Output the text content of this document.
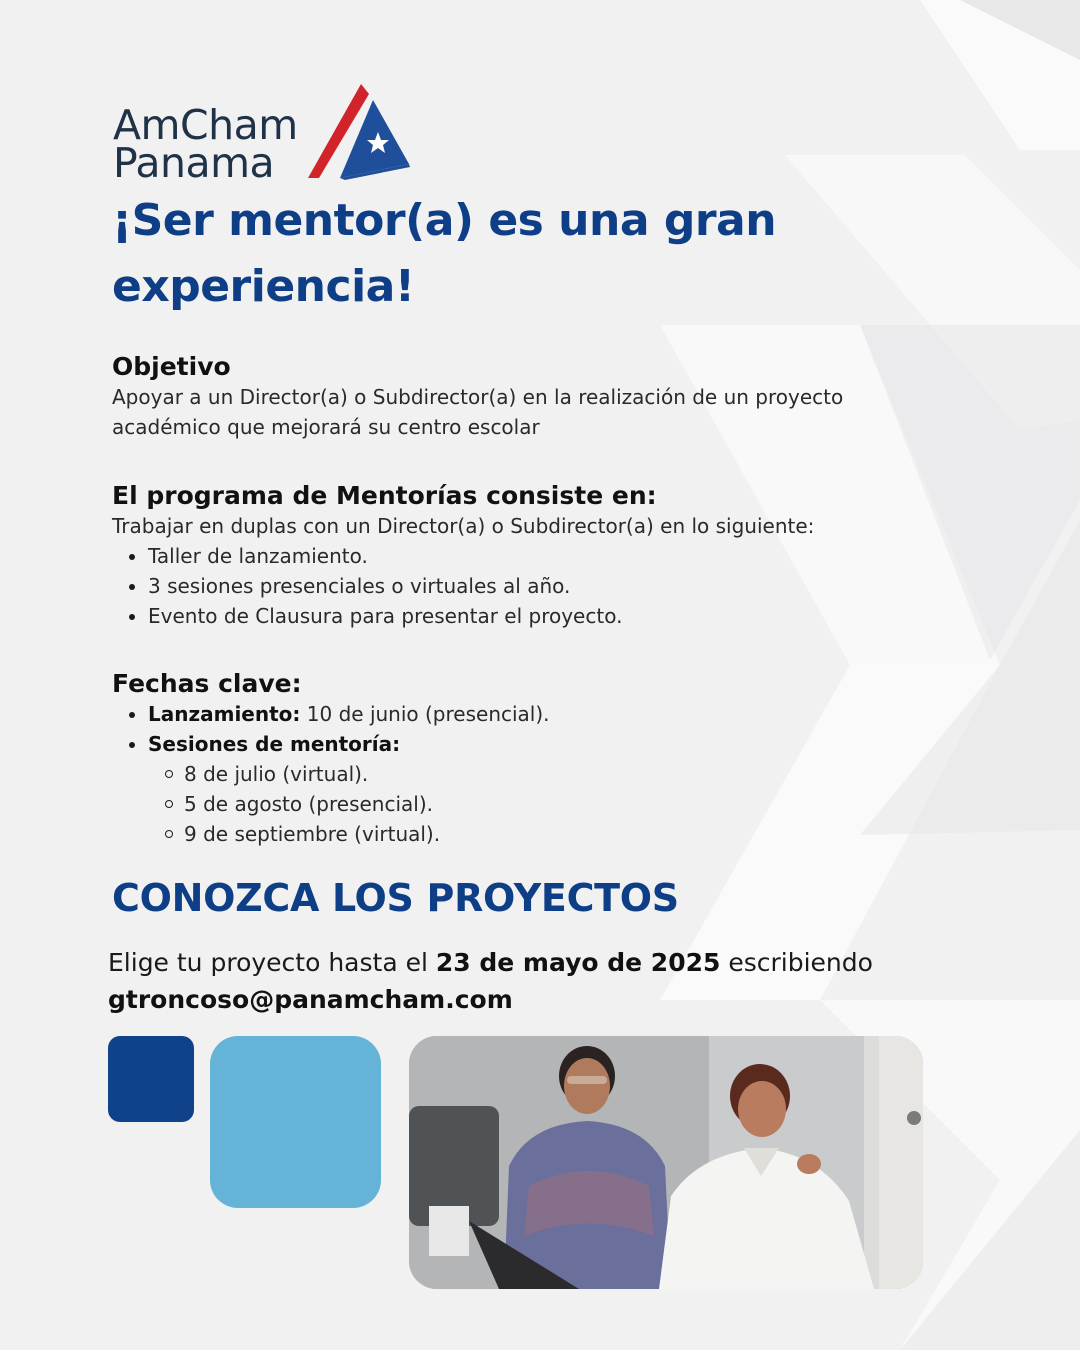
AmCham
Panama
¡Ser mentor(a) es una gran
experiencia!
Objetivo
Apoyar a un Director(a) o Subdirector(a) en la realización de un proyecto
académico que mejorará su centro escolar
El programa de Mentorías consiste en:
Trabajar en duplas con un Director(a) o Subdirector(a) en lo siguiente:
Taller de lanzamiento.
3 sesiones presenciales o virtuales al año.
Evento de Clausura para presentar el proyecto.
Fechas clave:
Lanzamiento: 10 de junio (presencial).
Sesiones de mentoría:
8 de julio (virtual).
5 de agosto (presencial).
9 de septiembre (virtual).
CONOZCA LOS PROYECTOS
Elige tu proyecto hasta el 23 de mayo de 2025 escribiendo
gtroncoso@panamcham.com
